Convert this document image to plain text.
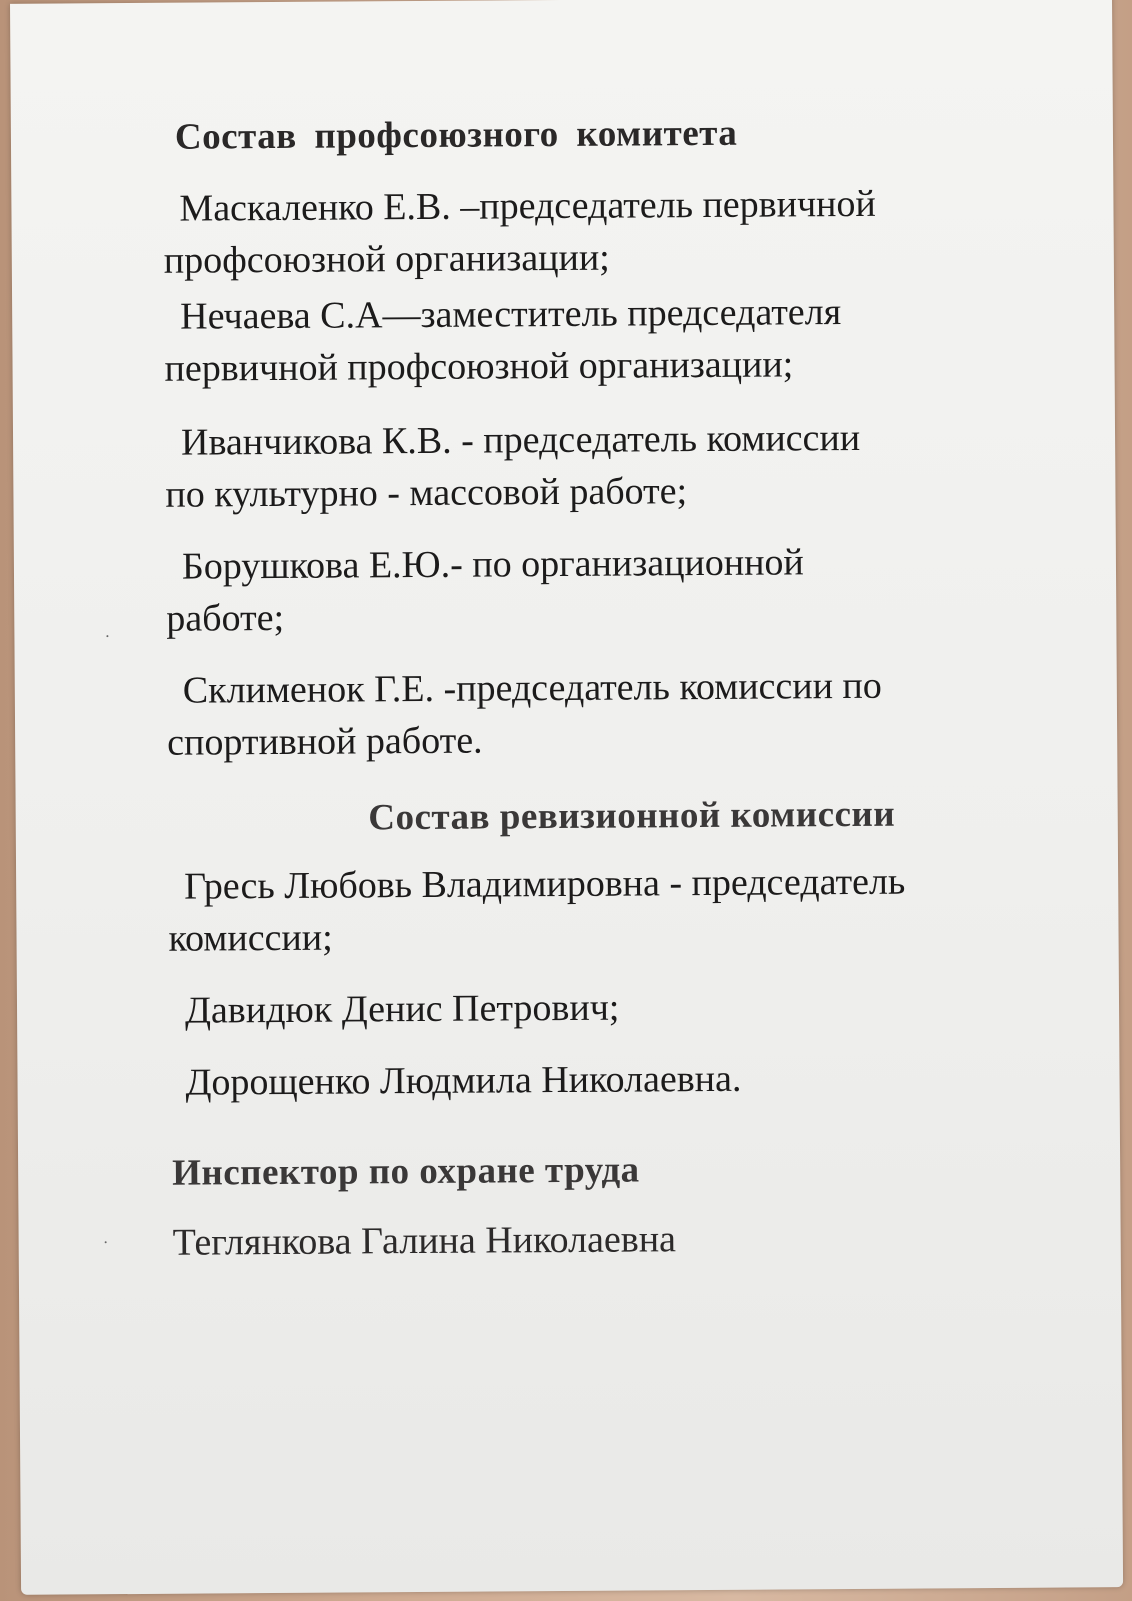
Состав профсоюзного комитета
Маскаленко Е.В. –председатель первичной
профсоюзной организации;
Нечаева С.А—заместитель председателя
первичной профсоюзной организации;
Иванчикова К.В. - председатель комиссии
по культурно - массовой работе;
Борушкова Е.Ю.- по организационной
работе;
Склименок Г.Е. -председатель комиссии по
спортивной работе.
Состав ревизионной комиссии
Гресь Любовь Владимировна - председатель
комиссии;
Давидюк Денис Петрович;
Дорощенко Людмила Николаевна.
Инспектор по охране труда
Теглянкова Галина Николаевна
